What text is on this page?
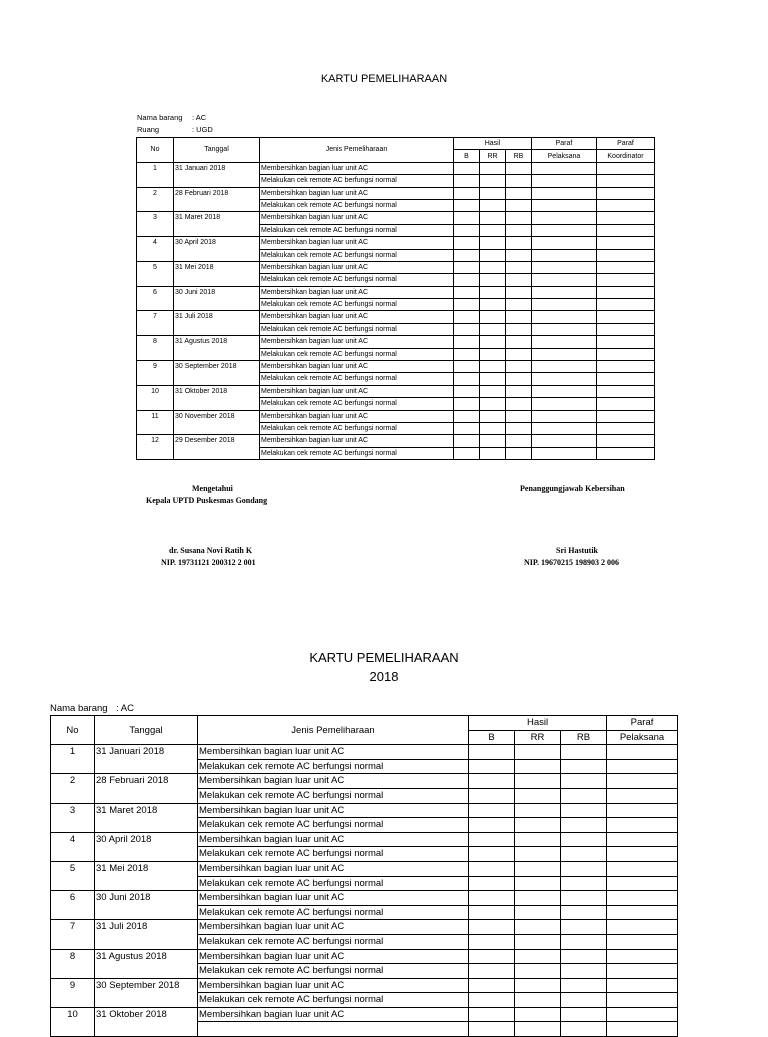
KARTU PEMELIHARAAN
Nama barang : AC
Ruang	: UGD
No	Tanggal	Jenis Pemeliharaan	Hasil			Paraf	Paraf
			B	RR	RB	Pelaksana	Koordinator
1	31 Januari 2018	Membersihkan bagian luar unit AC					
		Melakukan cek remote AC berfungsi normal					
2	28 Februari 2018	Membersihkan bagian luar unit AC					
		Melakukan cek remote AC berfungsi normal					
3	31 Maret 2018	Membersihkan bagian luar unit AC					
		Melakukan cek remote AC berfungsi normal					
4	30 April 2018	Membersihkan bagian luar unit AC					
		Melakukan cek remote AC berfungsi normal					
5	31 Mei 2018	Membersihkan bagian luar unit AC					
		Melakukan cek remote AC berfungsi normal					
6	30 Juni 2018	Membersihkan bagian luar unit AC					
		Melakukan cek remote AC berfungsi normal					
7	31 Juli 2018	Membersihkan bagian luar unit AC					
		Melakukan cek remote AC berfungsi normal					
8	31 Agustus 2018	Membersihkan bagian luar unit AC					
		Melakukan cek remote AC berfungsi normal					
9	30 September 2018	Membersihkan bagian luar unit AC					
		Melakukan cek remote AC berfungsi normal					
10	31 Oktober 2018	Membersihkan bagian luar unit AC					
		Melakukan cek remote AC berfungsi normal					
11	30 November 2018	Membersihkan bagian luar unit AC					
		Melakukan cek remote AC berfungsi normal					
12	29 Desember 2018	Membersihkan bagian luar unit AC					
		Melakukan cek remote AC berfungsi normal					
Mengetahui
Kepala UPTD Puskesmas Gondang
Penanggungjawab Kebersihan
dr. Susana Novi Ratih K
NIP. 19731121 200312 2 001
Sri Hastutik
NIP. 19670215 198903 2 006
KARTU PEMELIHARAAN
2018
Nama barang : AC
No	Tanggal	Jenis Pemeliharaan	Hasil			Paraf
			B	RR	RB	Pelaksana
1	31 Januari 2018	Membersihkan bagian luar unit AC				
		Melakukan cek remote AC berfungsi normal				
2	28 Februari 2018	Membersihkan bagian luar unit AC				
		Melakukan cek remote AC berfungsi normal				
3	31 Maret 2018	Membersihkan bagian luar unit AC				
		Melakukan cek remote AC berfungsi normal				
4	30 April 2018	Membersihkan bagian luar unit AC				
		Melakukan cek remote AC berfungsi normal				
5	31 Mei 2018	Membersihkan bagian luar unit AC				
		Melakukan cek remote AC berfungsi normal				
6	30 Juni 2018	Membersihkan bagian luar unit AC				
		Melakukan cek remote AC berfungsi normal				
7	31 Juli 2018	Membersihkan bagian luar unit AC				
		Melakukan cek remote AC berfungsi normal				
8	31 Agustus 2018	Membersihkan bagian luar unit AC				
		Melakukan cek remote AC berfungsi normal				
9	30 September 2018	Membersihkan bagian luar unit AC				
		Melakukan cek remote AC berfungsi normal				
10	31 Oktober 2018	Membersihkan bagian luar unit AC				
